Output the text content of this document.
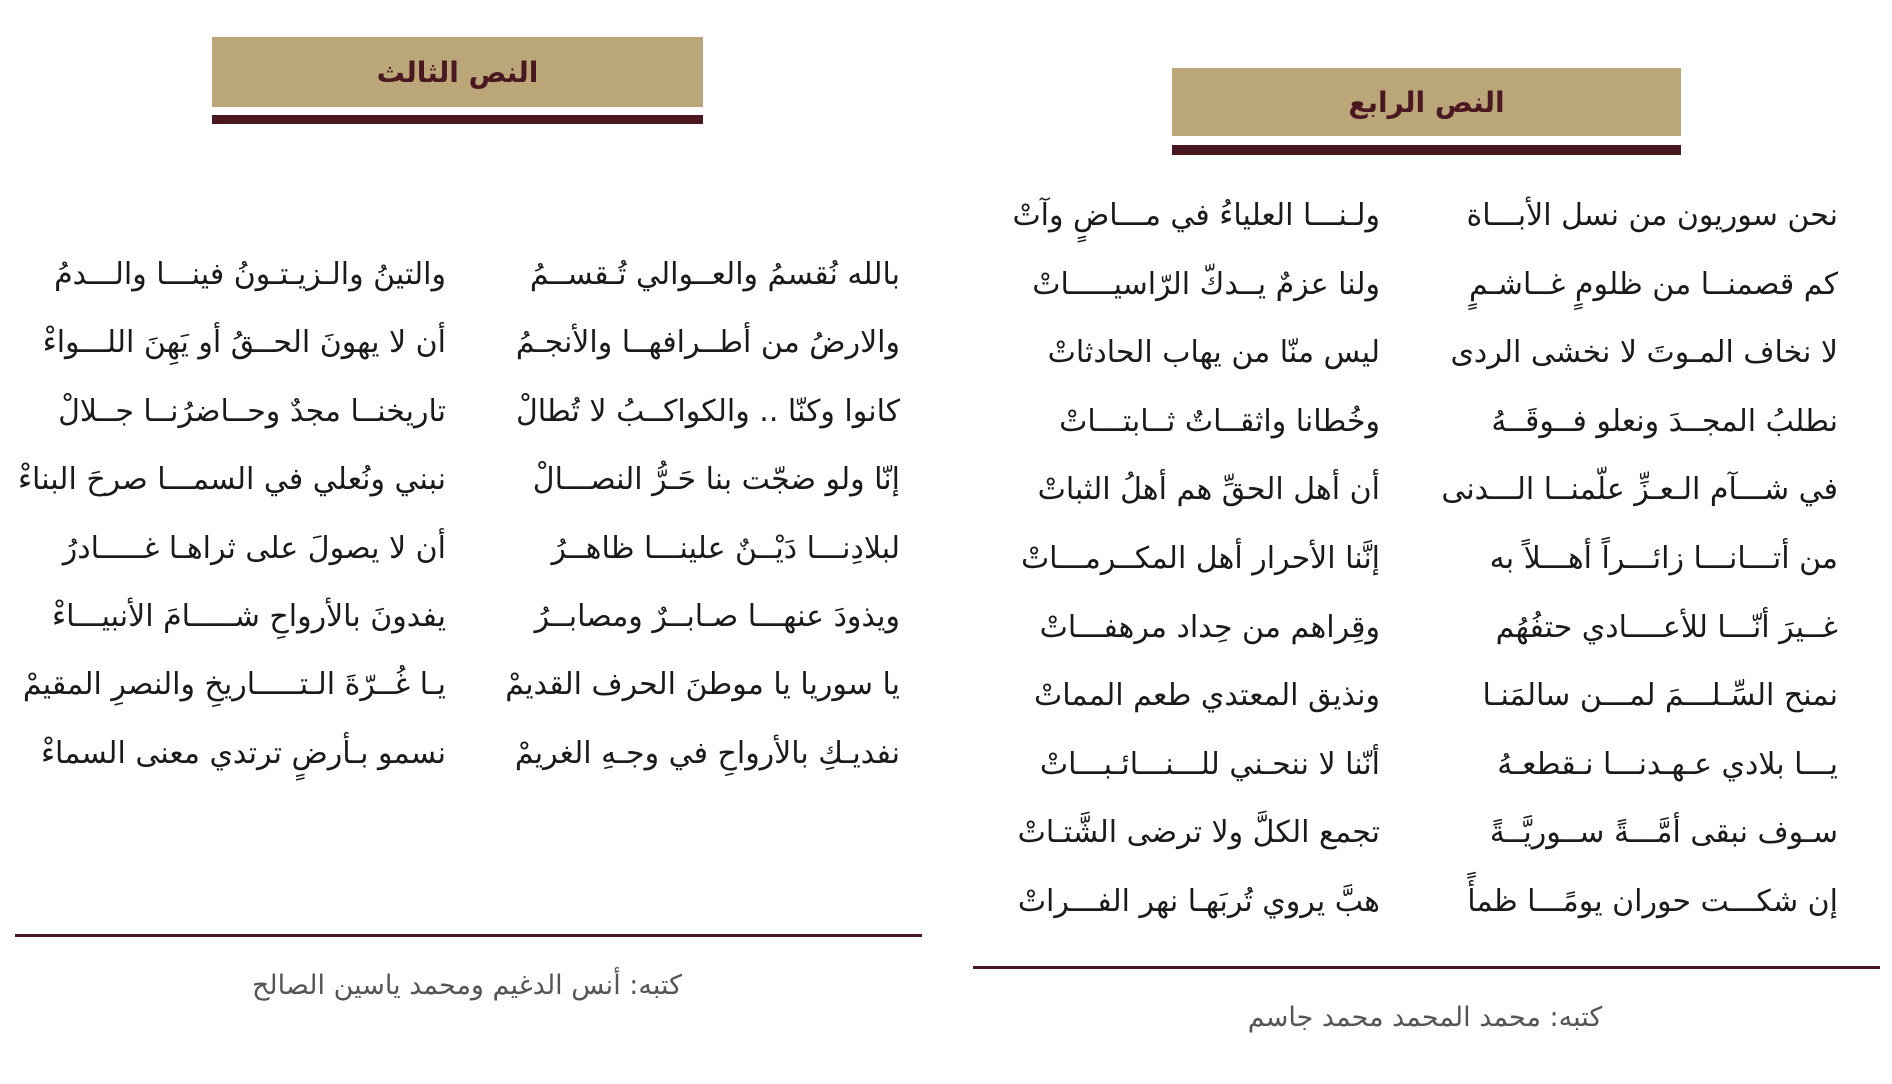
النص الثالث
بالله نُقسمُ والعــوالي تُـقســمُ
والارضُ من أطــرافهــا والأنجـمُ
كانوا وكنّا .. والكواكــبُ لا تُطالْ
إنّا ولو ضجّت بنا حَـرُّ النصـــالْ
لبلادِنـــا دَيْــنٌ علينـــا ظاهــرُ
ويذودَ عنهـــا صـابــرٌ ومصابــرُ
يا سوريا يا موطنَ الحرف القديمْ
نفديـكِ بالأرواحِ في وجـهِ الغريمْ
والتينُ والـزيـتـونُ فينـــا والـــدمُ
أن لا يهونَ الحــقُ أو يَهِنَ اللـــواءْ
تاريخنــا مجدٌ وحــاضرُنــا جــلالْ
نبني ونُعلي في السمـــا صرحَ البناءْ
أن لا يصولَ على ثراهـا غـــــادرُ
يفدونَ بالأرواحِ شـــــامَ الأنبيـــاءْ
يـا غُــرّةَ الـتـــــاريخِ والنصرِ المقيمْ
نسمو بـأرضٍ ترتدي معنى السماءْ
كتبه: أنس الدغيم ومحمد ياسين الصالح
النص الرابع
نحن سوريون من نسل الأبـــاة
كم قصمنــا من ظلومٍ غــاشـمٍ
لا نخاف المـوتَ لا نخشى الردى
نطلبُ المجــدَ ونعلو فــوقَــهُ
في شـــآم الـعـزِّ علّمنــا الـــدنى
من أتـــانـــا زائـــراً أهـــلاً به
غــيرَ أنّـــا للأعــــادي حتفُهُم
نمنح السِّـلـــمَ لمـــن سالمَنـا
يـــا بلادي عـهـدنـــا نـقطعـهُ
سـوف نبقى أمَّـــةً ســوريَّــةً
إن شكـــت حوران يومًـــا ظمأً
ولـنـــا العلياءُ في مـــاضٍ وآتْ
ولنا عزمٌ يــدكّ الرّاسيـــــاتْ
ليس منّا من يهاب الحادثاتْ
وخُطانا واثقــاتٌ ثــابتـــاتْ
أن أهل الحقِّ هم أهلُ الثباتْ
إنَّنا الأحرار أهل المكــرمـــاتْ
وقِراهم من حِداد مرهفـــاتْ
ونذيق المعتدي طعم المماتْ
أنّنا لا ننحـني للـــنـــائـبـــاتْ
تجمع الكلَّ ولا ترضى الشَّتـاتْ
هبَّ يروي تُربَهـا نهر الفـــراتْ
كتبه: محمد المحمد محمد جاسم
